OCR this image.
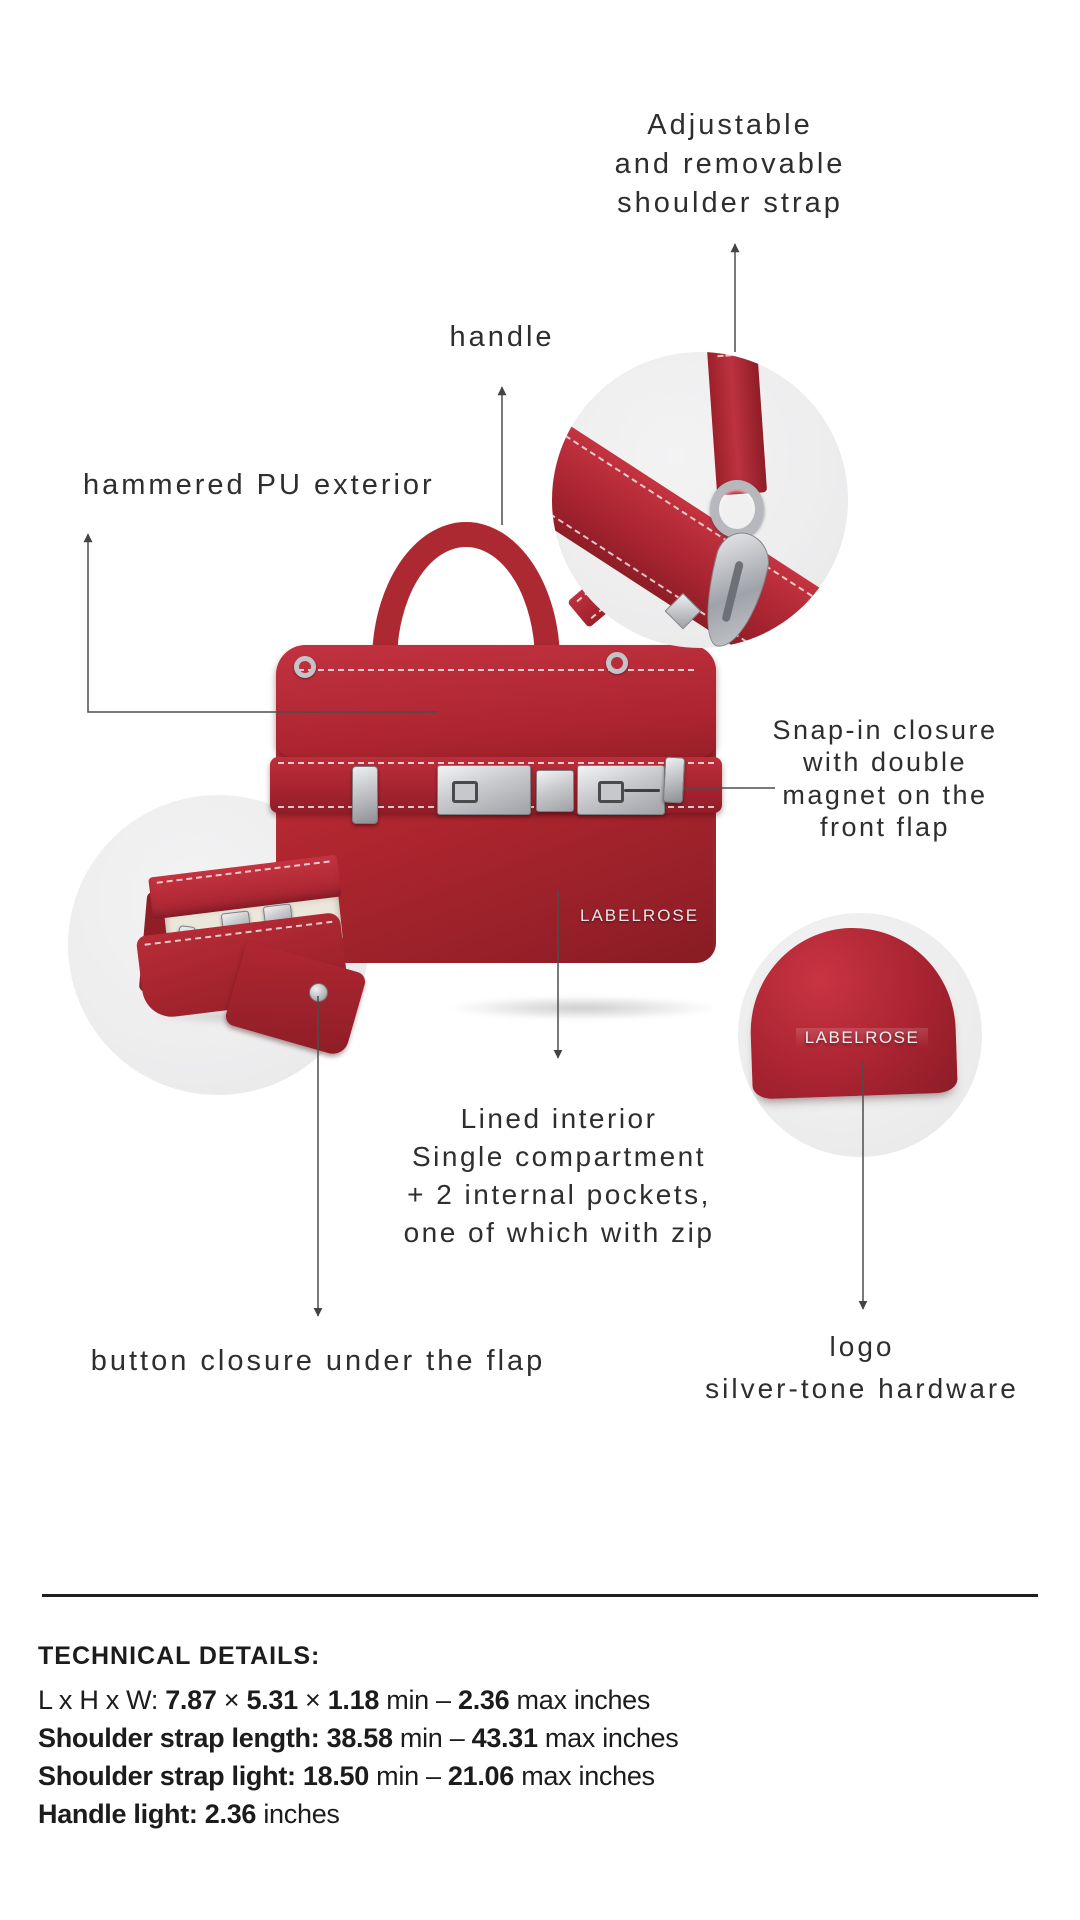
LABELROSE
LABELROSE
Adjustable
and removable
shoulder strap
handle
hammered PU exterior
Snap-in closure
with double
magnet on the
front flap
Lined interior
Single compartment
+ 2 internal pockets,
one of which with zip
button closure under the flap	logo
silver-tone hardware
TECHNICAL DETAILS:
L x H x W: 7.87 × 5.31 × 1.18 min – 2.36 max inches
Shoulder strap length: 38.58 min – 43.31 max inches
Shoulder strap light: 18.50 min – 21.06 max inches
Handle light: 2.36 inches
